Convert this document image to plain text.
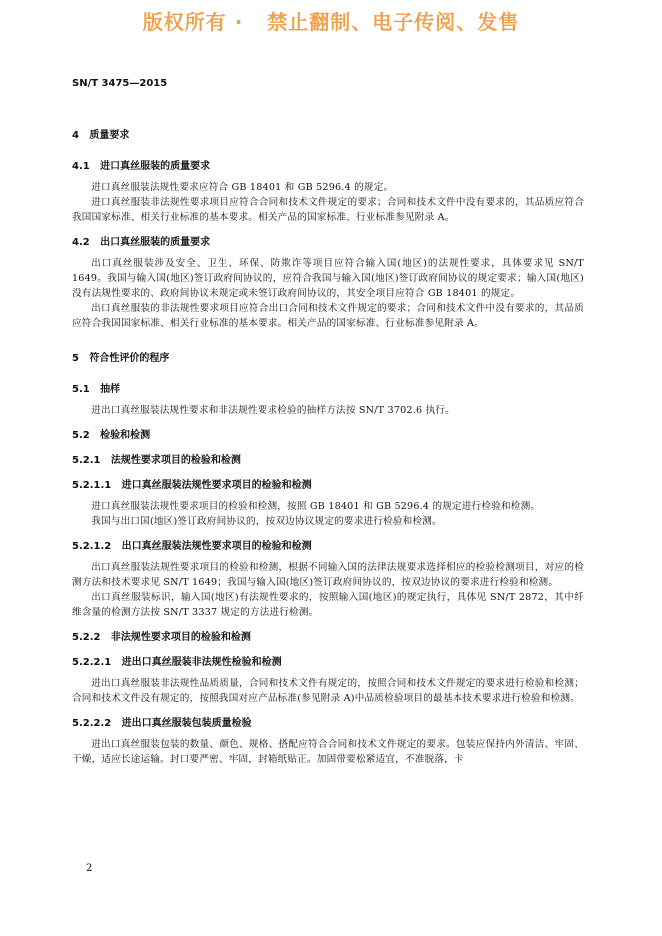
版权所有 ·   禁止翻制、电子传阅、发售
SN/T 3475—2015
4   质量要求
4.1   进口真丝服装的质量要求
进口真丝服装法规性要求应符合 GB 18401 和 GB 5296.4 的规定。
进口真丝服装非法规性要求项目应符合合同和技术文件规定的要求；合同和技术文件中没有要求的，其品质应符合我国国家标准、相关行业标准的基本要求。相关产品的国家标准、行业标准参见附录 A。
4.2   出口真丝服装的质量要求
出口真丝服装涉及安全、卫生、环保、防欺诈等项目应符合输入国(地区)的法规性要求，具体要求见 SN/T 1649。我国与输入国(地区)签订政府间协议的，应符合我国与输入国(地区)签订政府间协议的规定要求；输入国(地区)没有法规性要求的、政府间协议未规定或未签订政府间协议的，其安全项目应符合 GB 18401 的规定。
出口真丝服装的非法规性要求项目应符合出口合同和技术文件规定的要求；合同和技术文件中没有要求的，其品质应符合我国国家标准、相关行业标准的基本要求。相关产品的国家标准、行业标准参见附录 A。
5   符合性评价的程序
5.1   抽样
进出口真丝服装法规性要求和非法规性要求检验的抽样方法按 SN/T 3702.6 执行。
5.2   检验和检测
5.2.1   法规性要求项目的检验和检测
5.2.1.1   进口真丝服装法规性要求项目的检验和检测
进口真丝服装法规性要求项目的检验和检测，按照 GB 18401 和 GB 5296.4 的规定进行检验和检测。
我国与出口国(地区)签订政府间协议的，按双边协议规定的要求进行检验和检测。
5.2.1.2   出口真丝服装法规性要求项目的检验和检测
出口真丝服装法规性要求项目的检验和检测，根据不同输入国的法律法规要求选择相应的检验检测项目，对应的检测方法和技术要求见 SN/T 1649；我国与输入国(地区)签订政府间协议的，按双边协议的要求进行检验和检测。
出口真丝服装标识，输入国(地区)有法规性要求的，按照输入国(地区)的规定执行，具体见 SN/T 2872，其中纤维含量的检测方法按 SN/T 3337 规定的方法进行检测。
5.2.2   非法规性要求项目的检验和检测
5.2.2.1   进出口真丝服装非法规性检验和检测
进出口真丝服装非法规性品质质量，合同和技术文件有规定的，按照合同和技术文件规定的要求进行检验和检测；合同和技术文件没有规定的，按照我国对应产品标准(参见附录 A)中品质检验项目的最基本技术要求进行检验和检测。
5.2.2.2   进出口真丝服装包装质量检验
进出口真丝服装包装的数量、颜色、规格、搭配应符合合同和技术文件规定的要求。包装应保持内外清洁、牢固、干燥，适应长途运输。封口要严密、牢固，封箱纸贴正。加固带要松紧适宜，不准脱落，卡
2
